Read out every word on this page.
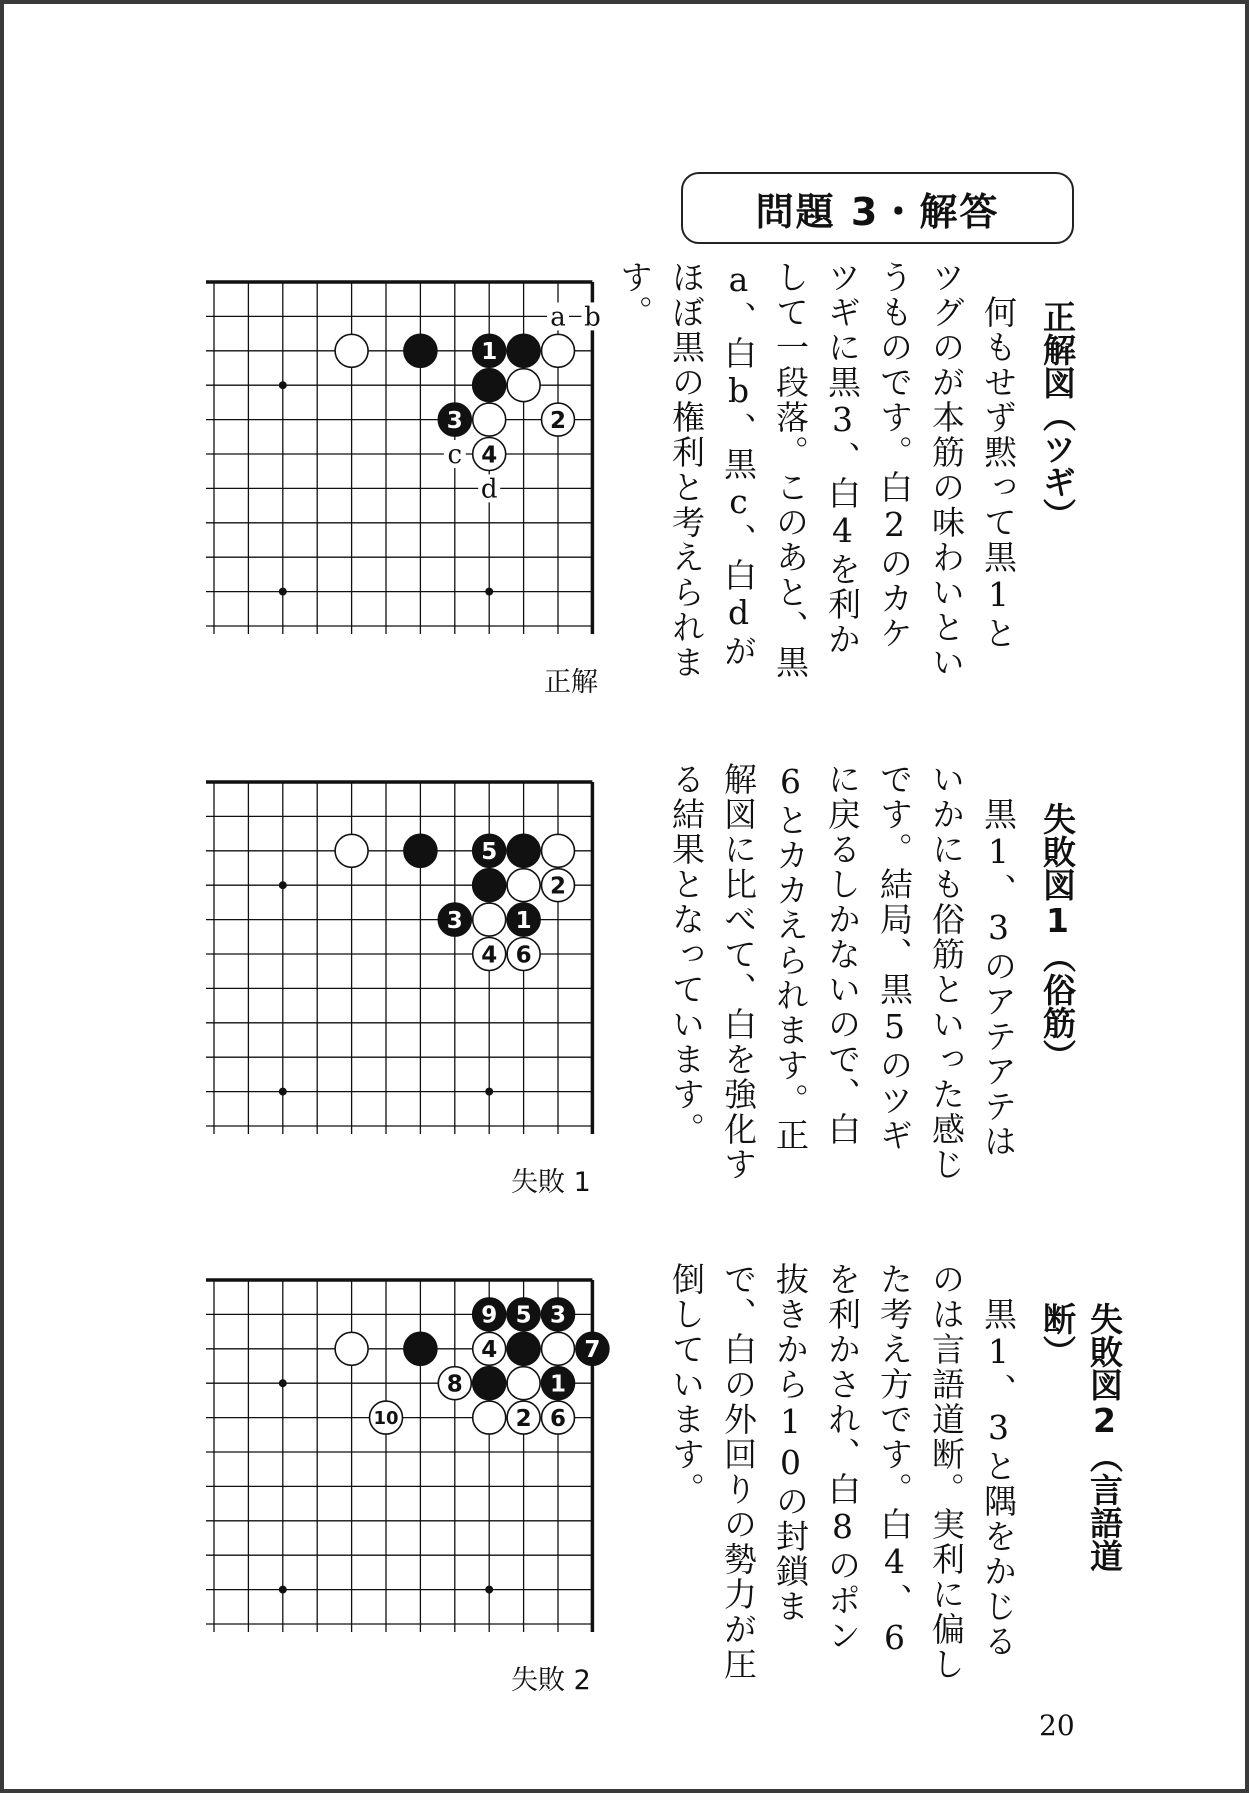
問題 3・解答
正解図（ツギ）
　何もせず黙って黒1とツグのが本筋の味わいというものです。白2のカケツギに黒3、白4を利かして一段落。このあと、黒a、白b、黒c、白dがほぼ黒の権利と考えられます。
失敗図1（俗筋）
　黒1、3のアテアテはいかにも俗筋といった感じです。結局、黒5のツギに戻るしかないので、白6とカカえられます。正解図に比べて、白を強化する結果となっています。
失敗図2（言語道断）
　黒1、3と隅をかじるのは言語道断。実利に偏した考え方です。白4、6を利かされ、白8のポン抜きから10の封鎖まで、白の外回りの勢力が圧倒しています。
a b
c
d
1
3	2
4
5
2
3 1
4 6
9 5 3
4	7
8	1
10	2 6
正解
失敗 1
失敗 2
20
